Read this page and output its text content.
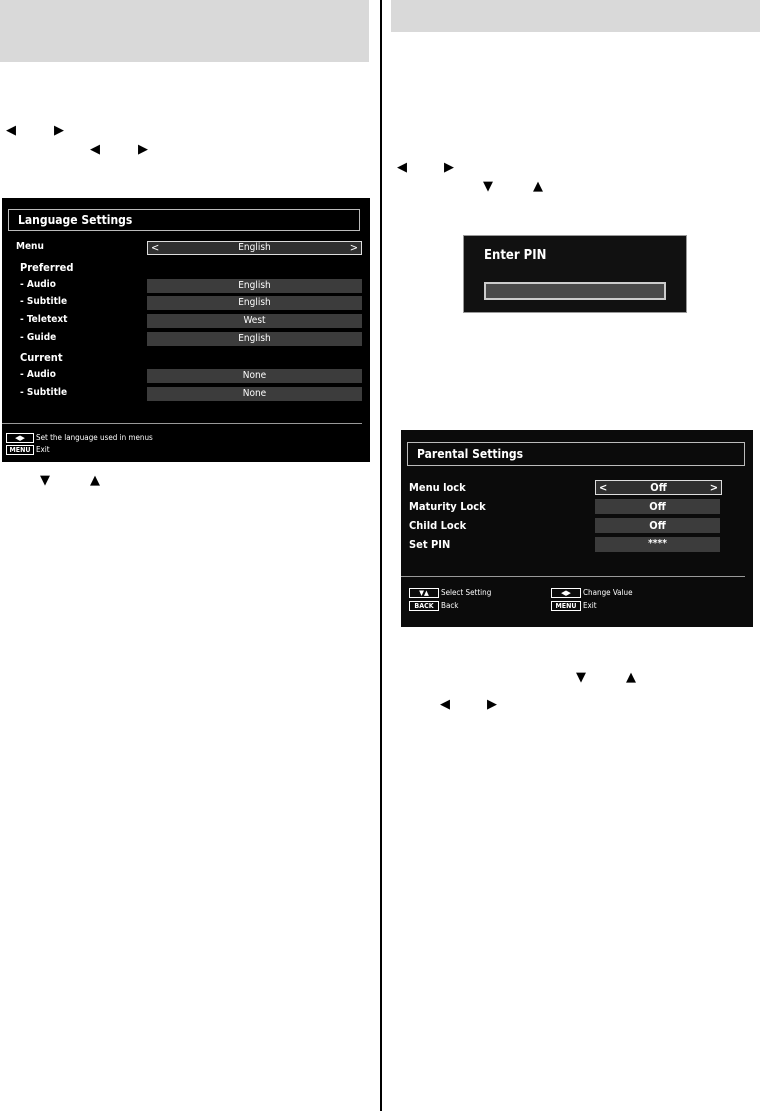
◀	▶
◀	▶
▼	▲
◀	▶
▼	▲
▼	▲
◀	▶
Language Settings
Menu	<	English	>
Preferred
- Audio	English
- Subtitle	English
- Teletext	West
- Guide	English
Current
- Audio	None
- Subtitle	None
◀▶	Set the language used in menus
MENU Exit
Enter PIN
Parental Settings
Menu lock	<	Off	>
Maturity Lock	Off
Child Lock	Off
Set PIN	****
▼▲	Select Setting
BACK Back
◀▶	Change Value
MENU Exit
